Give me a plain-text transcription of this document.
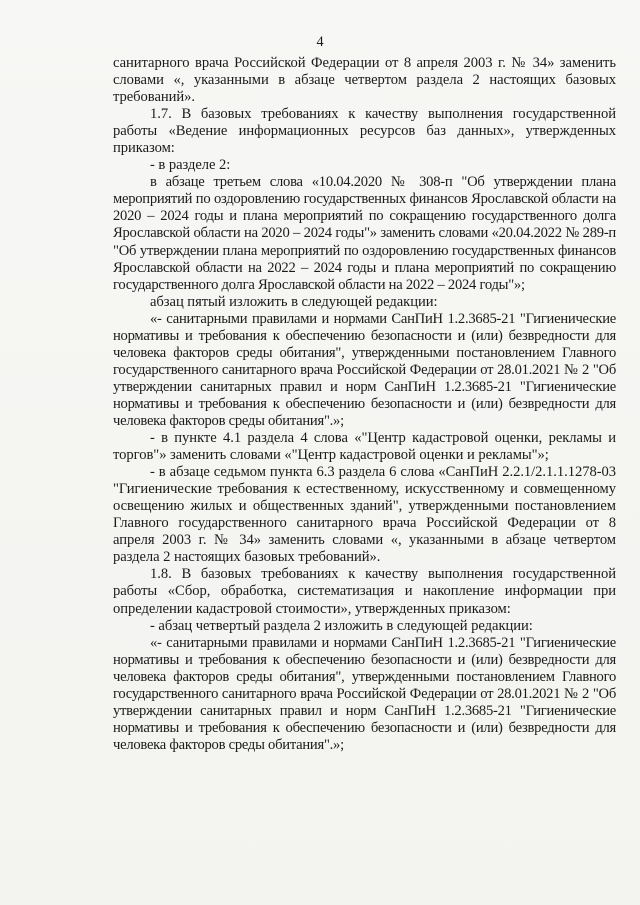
4

санитарного врача Российской Федерации от 8 апреля 2003 г. № 34» заменить словами «, указанными в абзаце четвертом раздела 2 настоящих базовых требований».

1.7. В базовых требованиях к качеству выполнения государственной работы «Ведение информационных ресурсов баз данных», утвержденных приказом:

- в разделе 2:

в абзаце третьем слова «10.04.2020 № 308-п "Об утверждении плана мероприятий по оздоровлению государственных финансов Ярославской области на 2020 – 2024 годы и плана мероприятий по сокращению государственного долга Ярославской области на 2020 – 2024 годы"» заменить словами «20.04.2022 № 289-п "Об утверждении плана мероприятий по оздоровлению государственных финансов Ярославской области на 2022 – 2024 годы и плана мероприятий по сокращению государственного долга Ярославской области на 2022 – 2024 годы"»;

абзац пятый изложить в следующей редакции:

«- санитарными правилами и нормами СанПиН 1.2.3685-21 "Гигиенические нормативы и требования к обеспечению безопасности и (или) безвредности для человека факторов среды обитания", утвержденными постановлением Главного государственного санитарного врача Российской Федерации от 28.01.2021 № 2 "Об утверждении санитарных правил и норм СанПиН 1.2.3685-21 "Гигиенические нормативы и требования к обеспечению безопасности и (или) безвредности для человека факторов среды обитания".»;

- в пункте 4.1 раздела 4 слова «"Центр кадастровой оценки, рекламы и торгов"» заменить словами «"Центр кадастровой оценки и рекламы"»;

- в абзаце седьмом пункта 6.3 раздела 6 слова «СанПиН 2.2.1/2.1.1.1278-03 "Гигиенические требования к естественному, искусственному и совмещенному освещению жилых и общественных зданий", утвержденными постановлением Главного государственного санитарного врача Российской Федерации от 8 апреля 2003 г. № 34» заменить словами «, указанными в абзаце четвертом раздела 2 настоящих базовых требований».

1.8. В базовых требованиях к качеству выполнения государственной работы «Сбор, обработка, систематизация и накопление информации при определении кадастровой стоимости», утвержденных приказом:

- абзац четвертый раздела 2 изложить в следующей редакции:

«- санитарными правилами и нормами СанПиН 1.2.3685-21 "Гигиенические нормативы и требования к обеспечению безопасности и (или) безвредности для человека факторов среды обитания", утвержденными постановлением Главного государственного санитарного врача Российской Федерации от 28.01.2021 № 2 "Об утверждении санитарных правил и норм СанПиН 1.2.3685-21 "Гигиенические нормативы и требования к обеспечению безопасности и (или) безвредности для человека факторов среды обитания".»;
